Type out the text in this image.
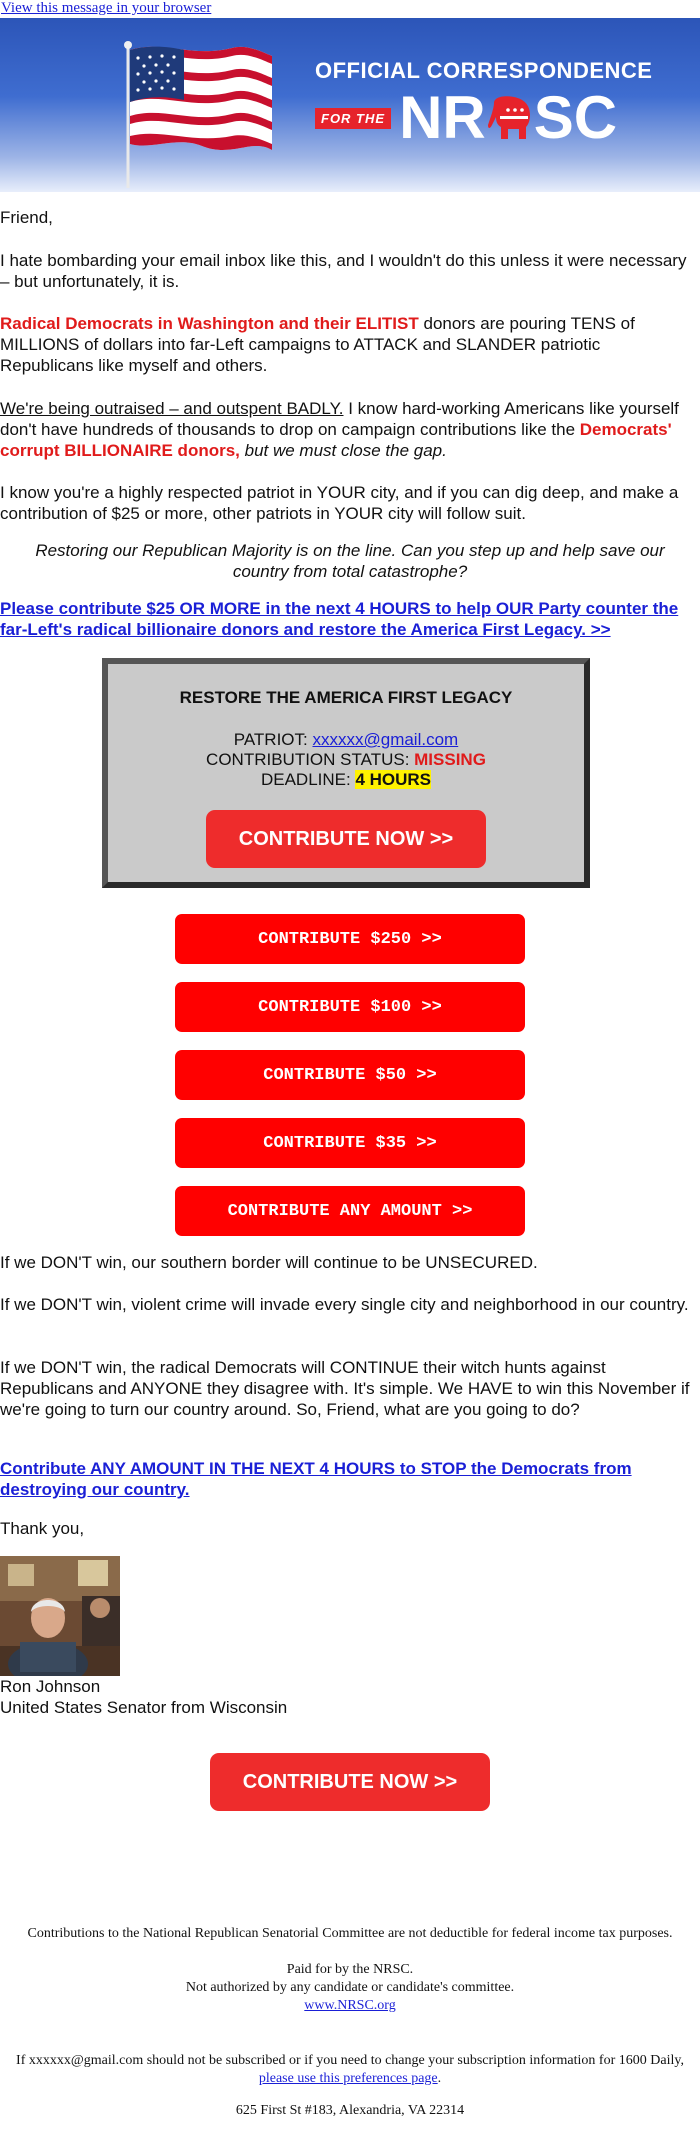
View this message in your browser
OFFICIAL CORRESPONDENCE
FOR THE NR SC
Friend,
I hate bombarding your email inbox like this, and I wouldn't do this unless it were necessary – but unfortunately, it is.
Radical Democrats in Washington and their ELITIST donors are pouring TENS of MILLIONS of dollars into far-Left campaigns to ATTACK and SLANDER patriotic Republicans like myself and others.
We're being outraised – and outspent BADLY. I know hard-working Americans like yourself don't have hundreds of thousands to drop on campaign contributions like the Democrats' corrupt BILLIONAIRE donors, but we must close the gap.
I know you're a highly respected patriot in YOUR city, and if you can dig deep, and make a contribution of $25 or more, other patriots in YOUR city will follow suit.
Restoring our Republican Majority is on the line. Can you step up and help save our country from total catastrophe?
Please contribute $25 OR MORE in the next 4 HOURS to help OUR Party counter the far-Left's radical billionaire donors and restore the America First Legacy. >>
RESTORE THE AMERICA FIRST LEGACY
PATRIOT: xxxxxx@gmail.com
CONTRIBUTION STATUS: MISSING
DEADLINE: 4 HOURS
CONTRIBUTE NOW >>
CONTRIBUTE $250 >>
CONTRIBUTE $100 >>
CONTRIBUTE $50 >>
CONTRIBUTE $35 >>
CONTRIBUTE ANY AMOUNT >>
If we DON'T win, our southern border will continue to be UNSECURED.
If we DON'T win, violent crime will invade every single city and neighborhood in our country.
If we DON'T win, the radical Democrats will CONTINUE their witch hunts against Republicans and ANYONE they disagree with. It's simple. We HAVE to win this November if we're going to turn our country around. So, Friend, what are you going to do?
Contribute ANY AMOUNT IN THE NEXT 4 HOURS to STOP the Democrats from destroying our country.
Thank you,
Ron Johnson
United States Senator from Wisconsin
CONTRIBUTE NOW >>
Contributions to the National Republican Senatorial Committee are not deductible for federal income tax purposes.
Paid for by the NRSC.
Not authorized by any candidate or candidate's committee.
www.NRSC.org
If xxxxxx@gmail.com should not be subscribed or if you need to change your subscription information for 1600 Daily, please use this preferences page.
625 First St #183, Alexandria, VA 22314
